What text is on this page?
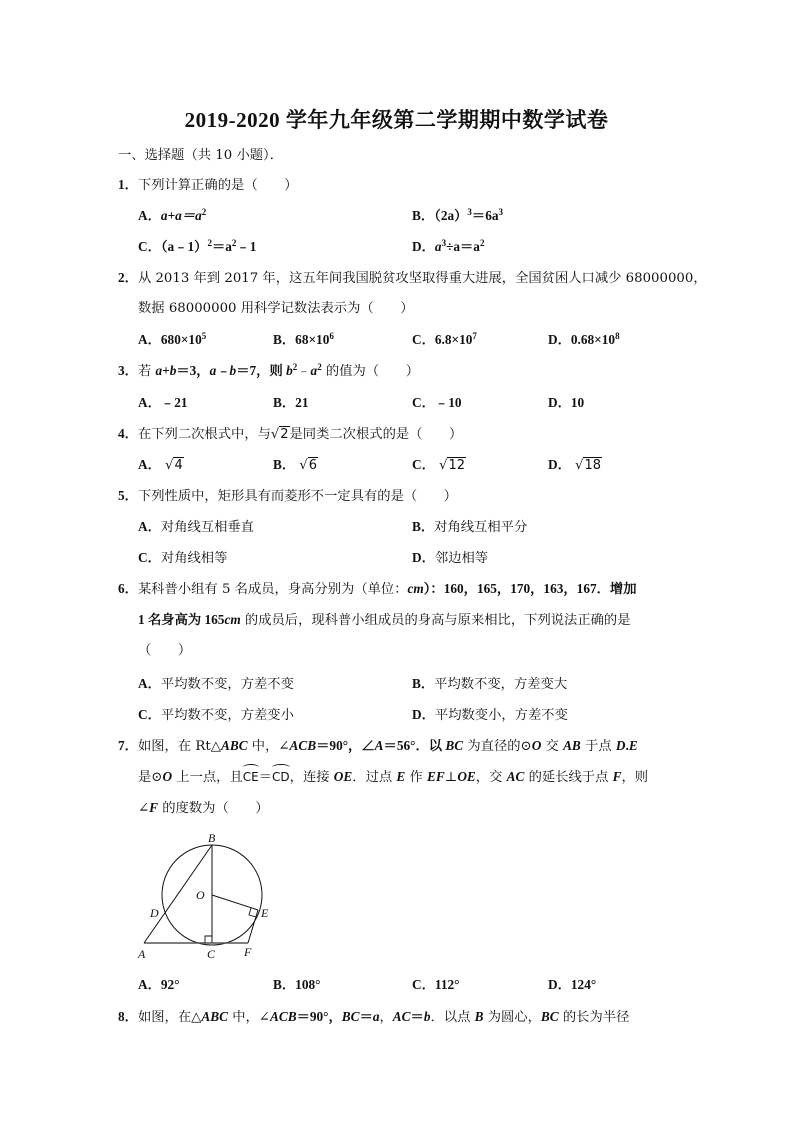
2019-2020 学年九年级第二学期期中数学试卷
一、选择题（共 10 小题）．
1．下列计算正确的是（　　）
A．$a+a=a^2$	B．$(2a)^3=6a^3$
C．$(a﹣1)^2=a^2﹣1$	D．$a^3\div a=a^2$
2．从 2013 年到 2017 年，这五年间我国脱贫攻坚取得重大进展，全国贫困人口减少 68000000，
数据 68000000 用科学记数法表示为（　　）
A．$680\times 10^5$	B．$68\times 10^6$	C．$6.8\times 10^7$	D．$0.68\times 10^8$
3．若 a+b＝3，a﹣b＝7，则 $b^2﹣a^2$ 的值为（　　）
A．﹣21	B．21	C．﹣10	D．10
4．在下列二次根式中，与√2是同类二次根式的是（　　）
A． √4	B． √6	C． √12	D． √18
5．下列性质中，矩形具有而菱形不一定具有的是（　　）
A．对角线互相垂直	B．对角线互相平分
C．对角线相等	D．邻边相等
6．某科普小组有 5 名成员，身高分别为（单位：cm）：160，165，170，163，167．增加
1 名身高为 165cm 的成员后，现科普小组成员的身高与原来相比，下列说法正确的是
（　　）
A．平均数不变，方差不变	B．平均数不变，方差变大
C．平均数不变，方差变小	D．平均数变小，方差不变
7．如图，在 Rt△ABC 中，∠ACB＝90°，∠A＝56°．以 BC 为直径的⊙O 交 AB 于点 D.E
是⊙O 上一点，且CE＝CD，连接 OE．过点 E 作 EF⊥OE，交 AC 的延长线于点 F，则
∠F 的度数为（　　）
B
O
D	E
A	C F
A．92°	B．108°	C．112°	D．124°
8．如图，在△ABC 中，∠ACB＝90°，BC＝a，AC＝b．以点 B 为圆心，BC 的长为半径
